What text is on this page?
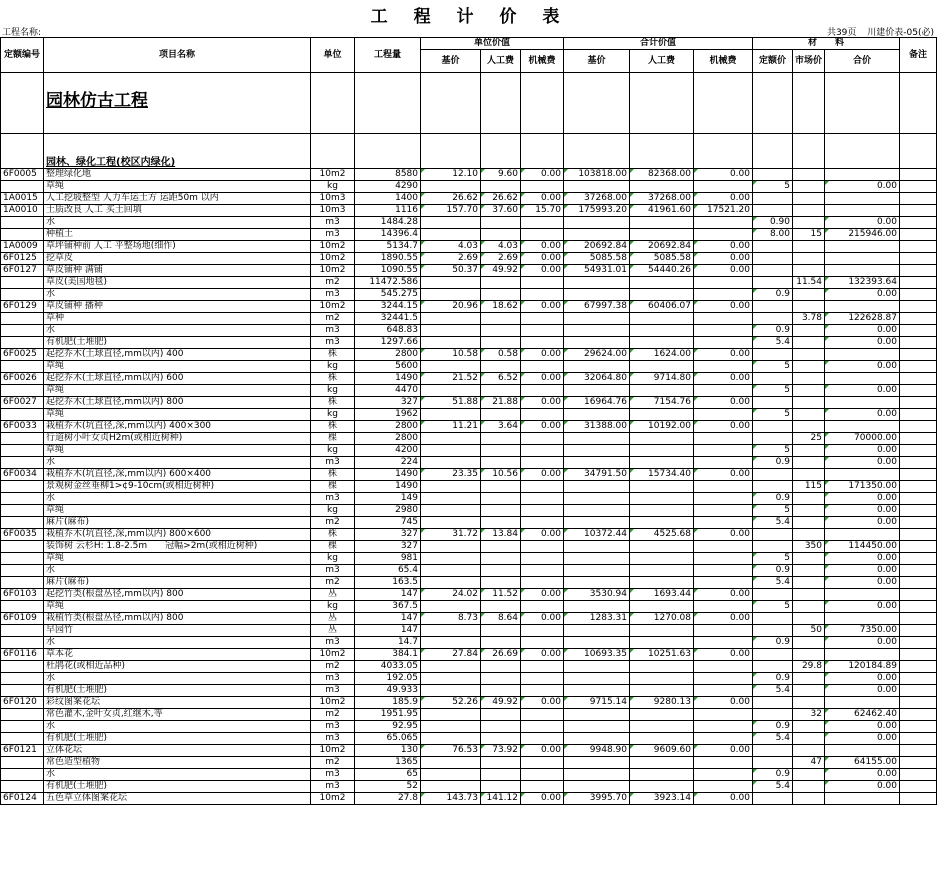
工 程 计 价 表
工程名称:	共39页 川建价表-05(必)
定额编号	项目名称	单位	工程量	单位价值			合计价值			材　　料			备注
				基价	人工费	机械费	基价	人工费	机械费	定额价	市场价	合价	
	园林仿古工程												
	园林、绿化工程(校区内绿化)												
6F0005	整理绿化地	10m2	8580	12.10	9.60	0.00	103818.00	82368.00	0.00				
	草绳	kg	4290							5		0.00	
1A0015	人工挖坡整型 人力车运土方 运距50m 以内	10m3	1400	26.62	26.62	0.00	37268.00	37268.00	0.00				
1A0010	土质改良 人工 买土回填	10m3	1116	157.70	37.60	15.70	175993.20	41961.60	17521.20				
	水	m3	1484.28							0.90		0.00	
	种植土	m3	14396.4							8.00	15	215946.00	
1A0009	草坪铺种前 人工 平整场地(细作)	10m2	5134.7	4.03	4.03	0.00	20692.84	20692.84	0.00				
6F0125	挖草皮	10m2	1890.55	2.69	2.69	0.00	5085.58	5085.58	0.00				
6F0127	草皮铺种 满铺	10m2	1090.55	50.37	49.92	0.00	54931.01	54440.26	0.00				
	草皮(美国地毯)	m2	11472.586								11.54	132393.64	
	水	m3	545.275							0.9		0.00	
6F0129	草皮铺种 播种	10m2	3244.15	20.96	18.62	0.00	67997.38	60406.07	0.00				
	草种	m2	32441.5								3.78	122628.87	
	水	m3	648.83							0.9		0.00	
	有机肥(土堆肥)	m3	1297.66							5.4		0.00	
6F0025	起挖乔木(土球直径,mm以内) 400	株	2800	10.58	0.58	0.00	29624.00	1624.00	0.00				
	草绳	kg	5600							5		0.00	
6F0026	起挖乔木(土球直径,mm以内) 600	株	1490	21.52	6.52	0.00	32064.80	9714.80	0.00				
	草绳	kg	4470							5		0.00	
6F0027	起挖乔木(土球直径,mm以内) 800	株	327	51.88	21.88	0.00	16964.76	7154.76	0.00				
	草绳	kg	1962							5		0.00	
6F0033	栽植乔木(坑直径,深,mm以内) 400×300	株	2800	11.21	3.64	0.00	31388.00	10192.00	0.00				
	行道树小叶女贞H2m(或相近树种)	棵	2800								25	70000.00	
	草绳	kg	4200							5		0.00	
	水	m3	224							0.9		0.00	
6F0034	栽植乔木(坑直径,深,mm以内) 600×400	株	1490	23.35	10.56	0.00	34791.50	15734.40	0.00				
	景观树金丝垂柳1>¢9-10cm(或相近树种)	棵	1490								115	171350.00	
	水	m3	149							0.9		0.00	
	草绳	kg	2980							5		0.00	
	麻片(麻布)	m2	745							5.4		0.00	
6F0035	栽植乔木(坑直径,深,mm以内) 800×600	株	327	31.72	13.84	0.00	10372.44	4525.68	0.00				
	装饰树 云杉H: 1.8-2.5m　　冠幅>2m(或相近树种)	棵	327								350	114450.00	
	草绳	kg	981							5		0.00	
	水	m3	65.4							0.9		0.00	
	麻片(麻布)	m2	163.5							5.4		0.00	
6F0103	起挖竹类(根盘丛径,mm以内) 800	丛	147	24.02	11.52	0.00	3530.94	1693.44	0.00				
	草绳	kg	367.5							5		0.00	
6F0109	栽植竹类(根盘丛径,mm以内) 800	丛	147	8.73	8.64	0.00	1283.31	1270.08	0.00				
	早园竹	丛	147								50	7350.00	
	水	m3	14.7							0.9		0.00	
6F0116	草本花	10m2	384.1	27.84	26.69	0.00	10693.35	10251.63	0.00				
	杜鹃花(或相近品种)	m2	4033.05								29.8	120184.89	
	水	m3	192.05							0.9		0.00	
	有机肥(土堆肥)	m3	49.933							5.4		0.00	
6F0120	彩纹图案花坛	10m2	185.9	52.26	49.92	0.00	9715.14	9280.13	0.00				
	常色灌木,金叶女贞,红继木,等	m2	1951.95								32	62462.40	
	水	m3	92.95							0.9		0.00	
	有机肥(土堆肥)	m3	65.065							5.4		0.00	
6F0121	立体花坛	10m2	130	76.53	73.92	0.00	9948.90	9609.60	0.00				
	常色造型植物	m2	1365								47	64155.00	
	水	m3	65							0.9		0.00	
	有机肥(土堆肥)	m3	52							5.4		0.00	
6F0124	五色草立体图案花坛	10m2	27.8	143.73	141.12	0.00	3995.70	3923.14	0.00				
